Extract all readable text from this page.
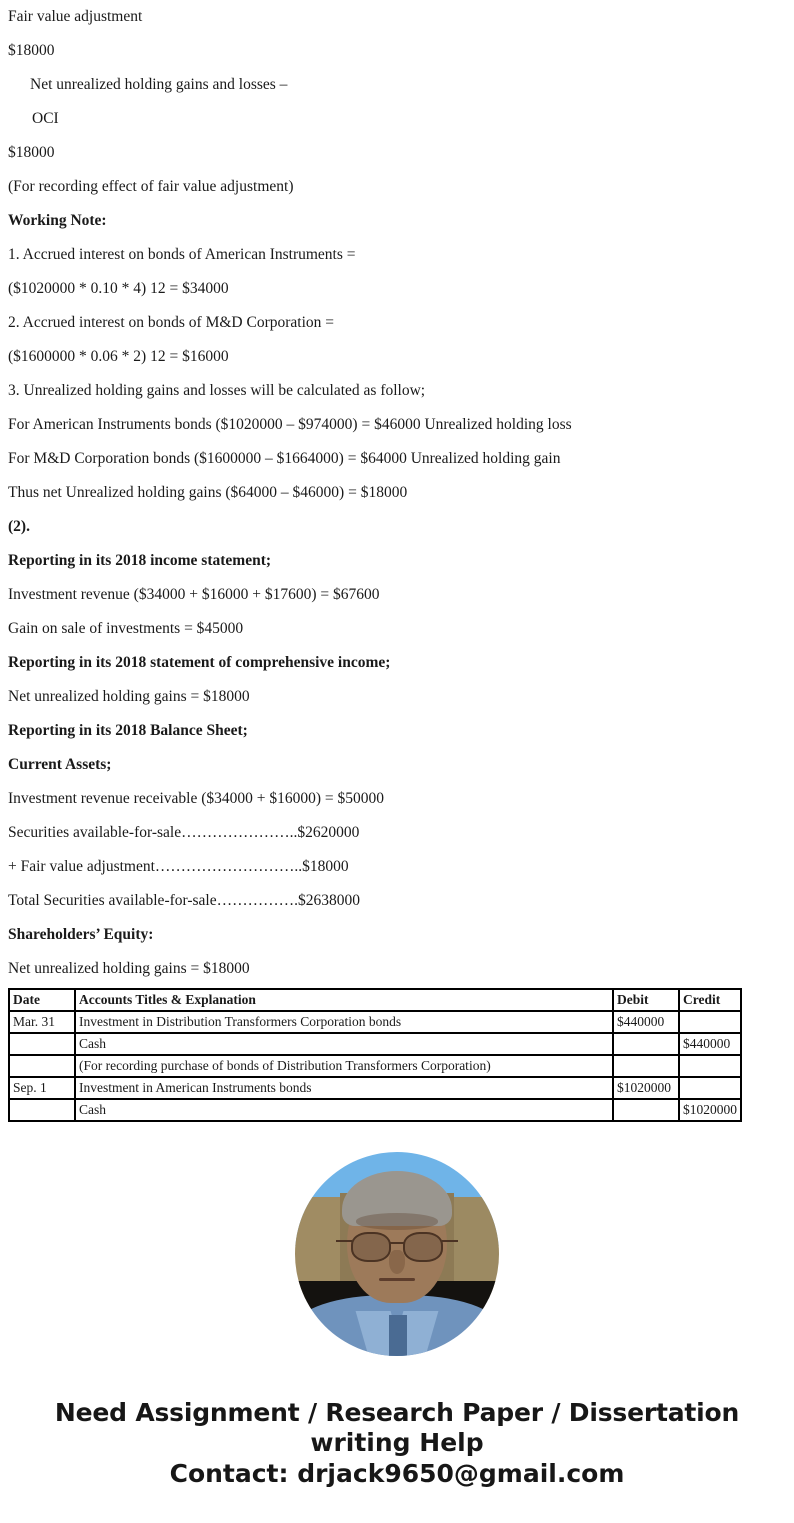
Fair value adjustment
$18000
Net unrealized holding gains and losses –
OCI
$18000
(For recording effect of fair value adjustment)
Working Note:
1. Accrued interest on bonds of American Instruments =
($1020000 * 0.10 * 4) 12 = $34000
2. Accrued interest on bonds of M&D Corporation =
($1600000 * 0.06 * 2) 12 = $16000
3. Unrealized holding gains and losses will be calculated as follow;
For American Instruments bonds ($1020000 – $974000) = $46000 Unrealized holding loss
For M&D Corporation bonds ($1600000 – $1664000) = $64000 Unrealized holding gain
Thus net Unrealized holding gains ($64000 – $46000) = $18000
(2).
Reporting in its 2018 income statement;
Investment revenue ($34000 + $16000 + $17600) = $67600
Gain on sale of investments = $45000
Reporting in its 2018 statement of comprehensive income;
Net unrealized holding gains = $18000
Reporting in its 2018 Balance Sheet;
Current Assets;
Investment revenue receivable ($34000 + $16000) = $50000
Securities available-for-sale…………………..$2620000
+ Fair value adjustment………………………..$18000
Total Securities available-for-sale…………….$2638000
Shareholders’ Equity:
Net unrealized holding gains = $18000
Date	Accounts Titles & Explanation	Debit	Credit
Mar. 31	Investment in Distribution Transformers Corporation bonds	$440000	
	Cash		$440000
	(For recording purchase of bonds of Distribution Transformers Corporation)		
Sep. 1	Investment in American Instruments bonds	$1020000	
	Cash		$1020000
Need Assignment / Research Paper / Dissertation
writing Help
Contact: drjack9650@gmail.com
